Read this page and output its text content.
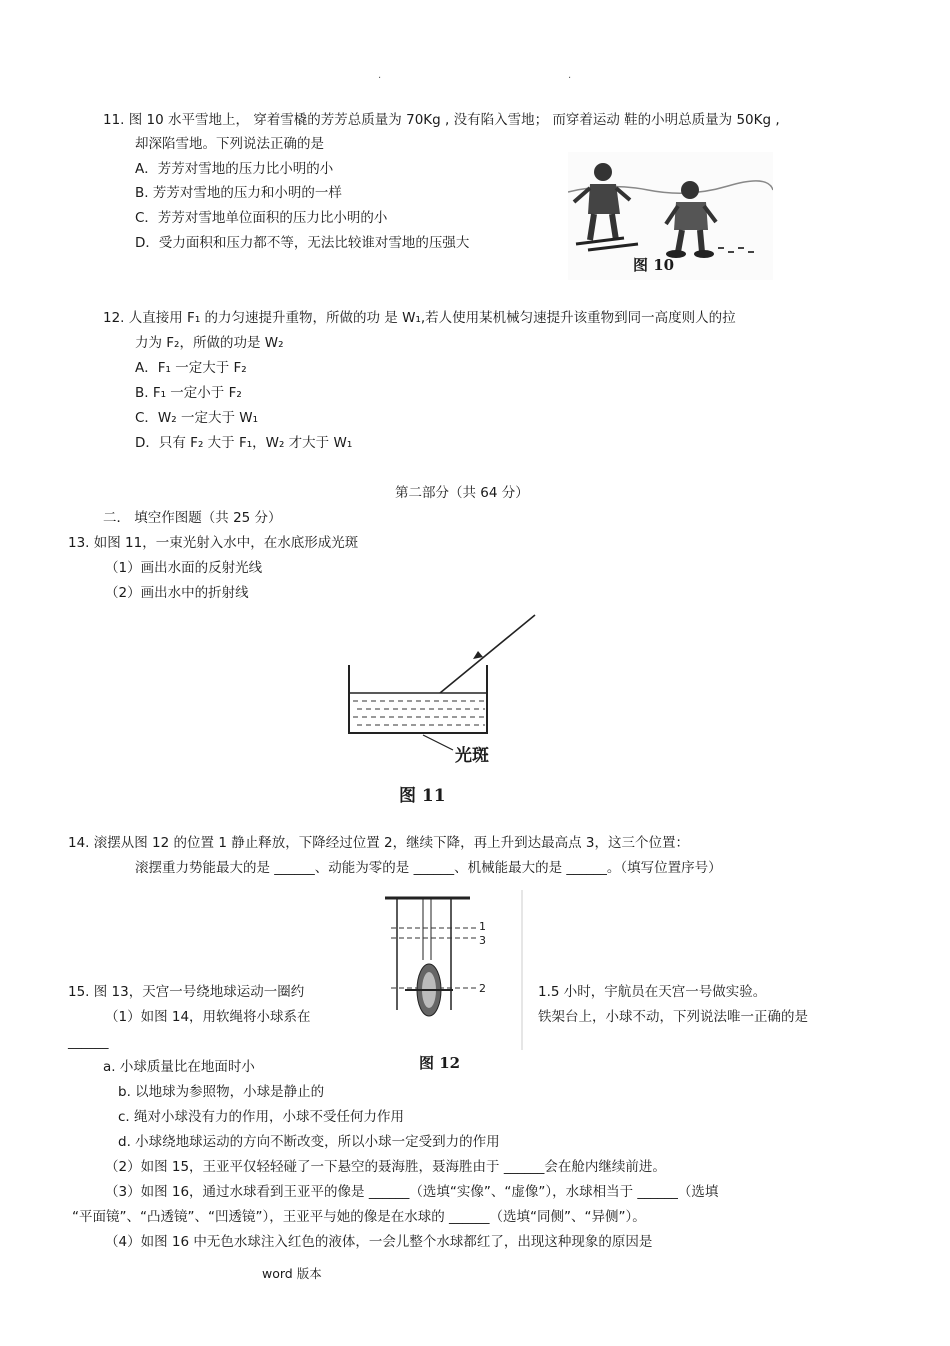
.	.
11. 图 10 水平雪地上， 穿着雪橇的芳芳总质量为 70Kg , 没有陷入雪地； 而穿着运动 鞋的小明总质量为 50Kg ,
却深陷雪地。下列说法正确的是
A．芳芳对雪地的压力比小明的小
B. 芳芳对雪地的压力和小明的一样
C．芳芳对雪地单位面积的压力比小明的小
D．受力面积和压力都不等，无法比较谁对雪地的压强大
图 10
12. 人直接用 F₁ 的力匀速提升重物，所做的功 是 W₁,若人使用某机械匀速提升该重物到同一高度则人的拉
力为 F₂，所做的功是 W₂
A．F₁ 一定大于 F₂
B. F₁ 一定小于 F₂
C．W₂ 一定大于 W₁
D．只有 F₂ 大于 F₁，W₂ 才大于 W₁
第二部分（共 64 分）
二． 填空作图题（共 25 分）
13. 如图 11，一束光射入水中，在水底形成光斑
（1）画出水面的反射光线
（2）画出水中的折射线
光斑
图 11
14. 滚摆从图 12 的位置 1 静止释放，下降经过位置 2，继续下降，再上升到达最高点 3，这三个位置：
滚摆重力势能最大的是 ______、动能为零的是 ______、机械能最大的是 ______。（填写位置序号）
1
3
2
图 12
15. 图 13，天宫一号绕地球运动一圈约	1.5 小时，宇航员在天宫一号做实验。
（1）如图 14，用软绳将小球系在	铁架台上，小球不动，下列说法唯一正确的是
______
a. 小球质量比在地面时小
b. 以地球为参照物，小球是静止的
c. 绳对小球没有力的作用，小球不受任何力作用
d. 小球绕地球运动的方向不断改变，所以小球一定受到力的作用
（2）如图 15，王亚平仅轻轻碰了一下悬空的聂海胜，聂海胜由于 ______会在舱内继续前进。
（3）如图 16，通过水球看到王亚平的像是 ______（选填“实像”、“虚像”），水球相当于 ______（选填
“平面镜”、“凸透镜”、“凹透镜”），王亚平与她的像是在水球的 ______（选填“同侧”、“异侧”）。
（4）如图 16 中无色水球注入红色的液体，一会儿整个水球都红了，出现这种现象的原因是
word 版本
